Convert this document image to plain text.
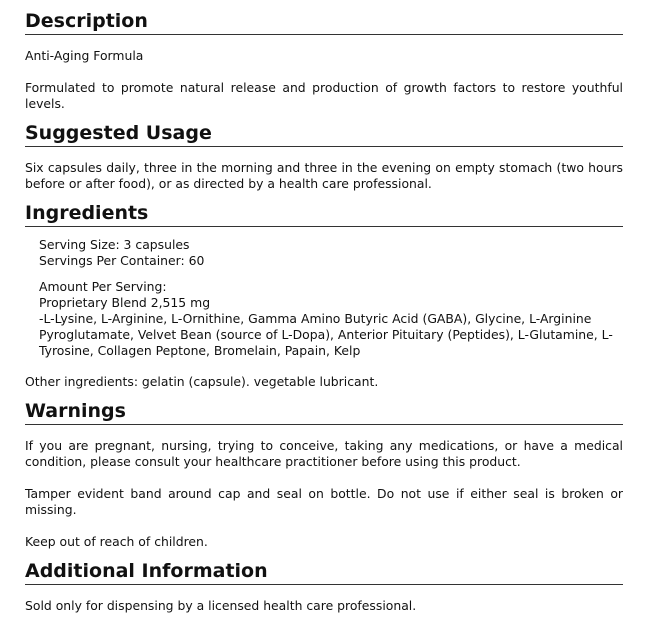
Description

Anti-Aging Formula

Formulated to promote natural release and production of growth factors to restore youthful levels.

Suggested Usage

Six capsules daily, three in the morning and three in the evening on empty stomach (two hours before or after food), or as directed by a health care professional.

Ingredients
Serving Size: 3 capsules
Servings Per Container: 60
Amount Per Serving:
Proprietary Blend 2,515 mg
-L-Lysine, L-Arginine, L-Ornithine, Gamma Amino Butyric Acid (GABA), Glycine, L-Arginine Pyroglutamate, Velvet Bean (source of L-Dopa), Anterior Pituitary (Peptides), L-Glutamine, L-Tyrosine, Collagen Peptone, Bromelain, Papain, Kelp

Other ingredients: gelatin (capsule). vegetable lubricant.

Warnings

If you are pregnant, nursing, trying to conceive, taking any medications, or have a medical condition, please consult your healthcare practitioner before using this product.

Tamper evident band around cap and seal on bottle. Do not use if either seal is broken or missing.

Keep out of reach of children.

Additional Information

Sold only for dispensing by a licensed health care professional.
